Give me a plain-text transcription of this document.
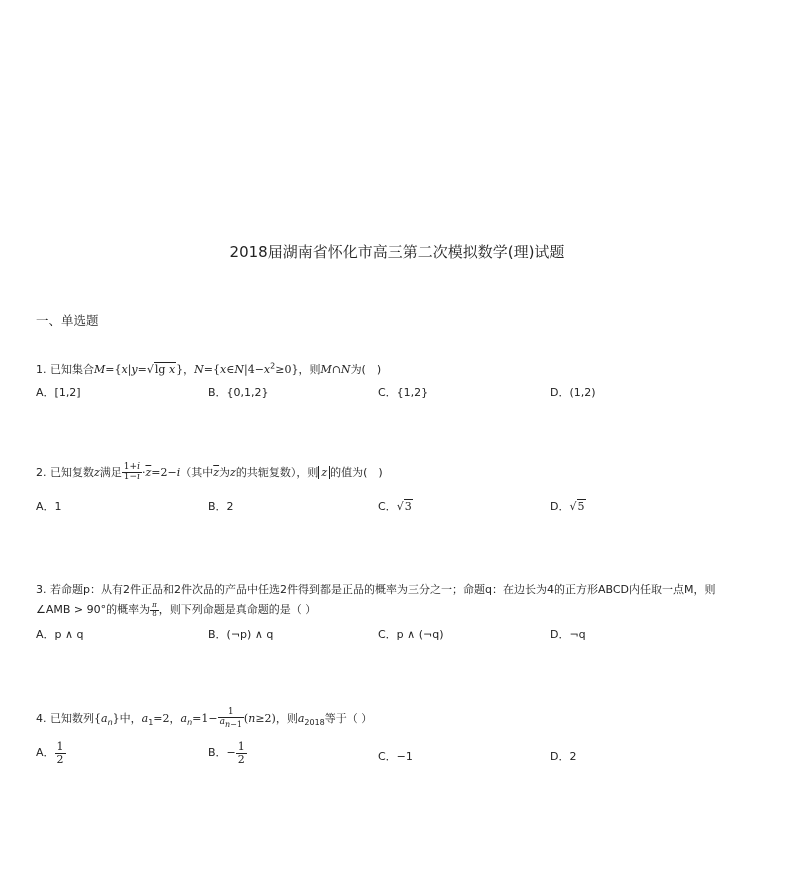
2018届湖南省怀化市高三第二次模拟数学(理)试题
一、单选题
1. 已知集合M={x|y=√lg x}，$N=\{x\in N|4-x^2\ge 0\}$，则M∩N为(　)
A．[1,2]	B．{0,1,2}	C．{1,2}	D．(1,2)
2. 已知复数z满足 $\frac{1+i}{1-i} \cdot\overline{z}=2-i$（其中$\overline{z}$为z的共轭复数），则 z 的值为(　)
A．1	B．2	C．√3	D．√5
3. 若命题p：从有2件正品和2件次品的产品中任选2件得到都是正品的概率为三分之一；命题q：在边长为4的正方形ABCD内任取一点M，则
∠AMB > 90°的概率为 $\frac{\pi}{8}$ ，则下列命题是真命题的是（ ）
A．p ∧ q	B．(¬p) ∧ q	C．p ∧ (¬q)	D．¬q
4. 已知数列$\{a_n\}$中，$a_1=2$，$a_n=1- \frac{1}{a_{n-1}} (n\ge 2)$，则$a_{2018}$等于（ ）
A． $\frac{1}{2}$	B．− $\frac{1}{2}$	C．−1	D．2
